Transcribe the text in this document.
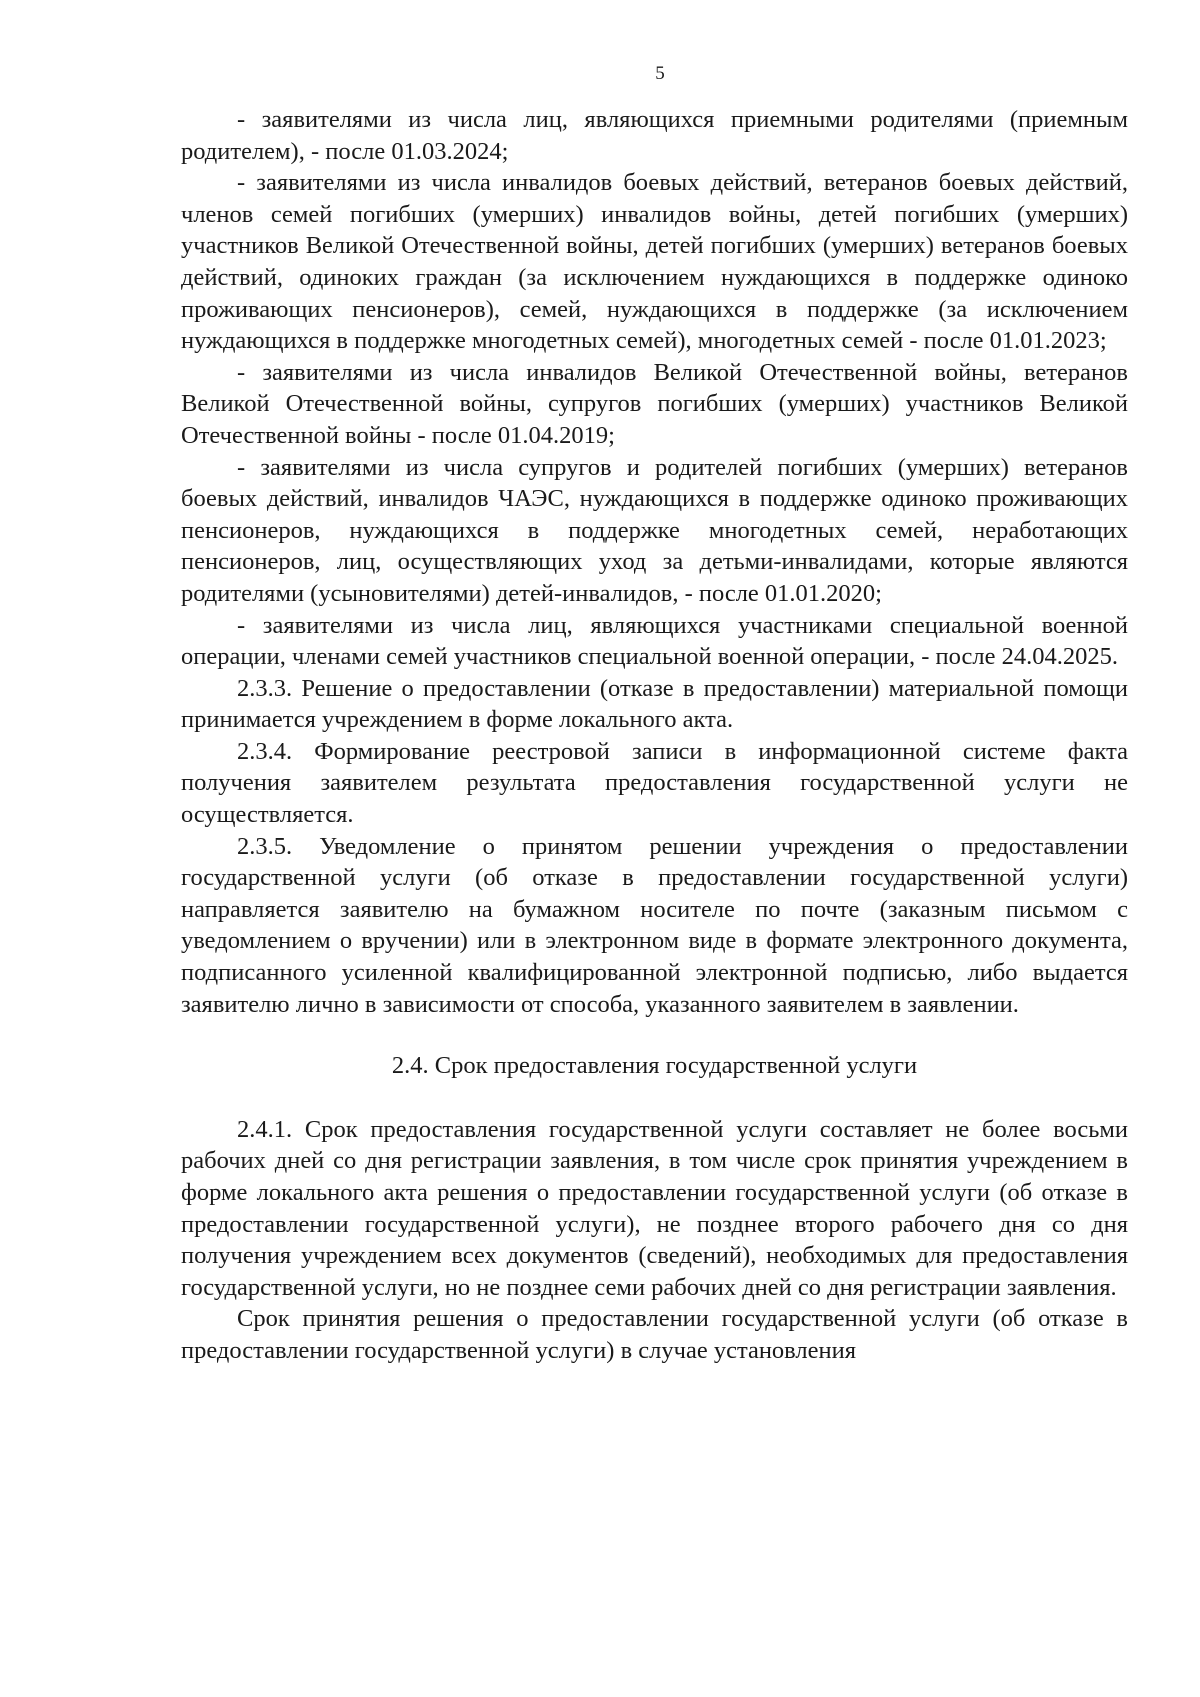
5

- заявителями из числа лиц, являющихся приемными родителями (приемным родителем), - после 01.03.2024;

- заявителями из числа инвалидов боевых действий, ветеранов боевых действий, членов семей погибших (умерших) инвалидов войны, детей погибших (умерших) участников Великой Отечественной войны, детей погибших (умерших) ветеранов боевых действий, одиноких граждан (за исключением нуждающихся в поддержке одиноко проживающих пенсионеров), семей, нуждающихся в поддержке (за исключением нуждающихся в поддержке многодетных семей), многодетных семей - после 01.01.2023;

- заявителями из числа инвалидов Великой Отечественной войны, ветеранов Великой Отечественной войны, супругов погибших (умерших) участников Великой Отечественной войны - после 01.04.2019;

- заявителями из числа супругов и родителей погибших (умерших) ветеранов боевых действий, инвалидов ЧАЭС, нуждающихся в поддержке одиноко проживающих пенсионеров, нуждающихся в поддержке многодетных семей, неработающих пенсионеров, лиц, осуществляющих уход за детьми-инвалидами, которые являются родителями (усыновителями) детей-инвалидов, - после 01.01.2020;

- заявителями из числа лиц, являющихся участниками специальной военной операции, членами семей участников специальной военной операции, - после 24.04.2025.

2.3.3. Решение о предоставлении (отказе в предоставлении) материальной помощи принимается учреждением в форме локального акта.

2.3.4. Формирование реестровой записи в информационной системе факта получения заявителем результата предоставления государственной услуги не осуществляется.

2.3.5. Уведомление о принятом решении учреждения о предоставлении государственной услуги (об отказе в предоставлении государственной услуги) направляется заявителю на бумажном носителе по почте (заказным письмом с уведомлением о вручении) или в электронном виде в формате электронного документа, подписанного усиленной квалифицированной электронной подписью, либо выдается заявителю лично в зависимости от способа, указанного заявителем в заявлении.

2.4. Срок предоставления государственной услуги

2.4.1. Срок предоставления государственной услуги составляет не более восьми рабочих дней со дня регистрации заявления, в том числе срок принятия учреждением в форме локального акта решения о предоставлении государственной услуги (об отказе в предоставлении государственной услуги), не позднее второго рабочего дня со дня получения учреждением всех документов (сведений), необходимых для предоставления государственной услуги, но не позднее семи рабочих дней со дня регистрации заявления.

Срок принятия решения о предоставлении государственной услуги (об отказе в предоставлении государственной услуги) в случае установления
